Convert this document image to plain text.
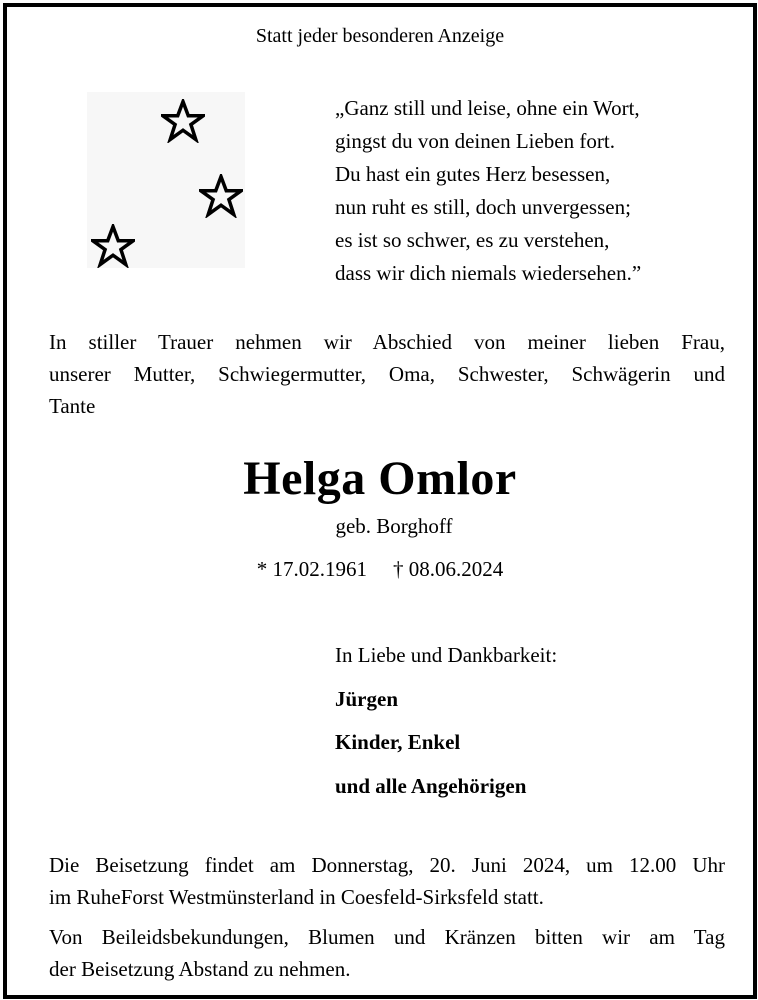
Statt jeder besonderen Anzeige
„Ganz still und leise, ohne ein Wort,
gingst du von deinen Lieben fort.
Du hast ein gutes Herz besessen,
nun ruht es still, doch unvergessen;
es ist so schwer, es zu verstehen,
dass wir dich niemals wiedersehen.”
In stiller Trauer nehmen wir Abschied von meiner lieben Frau,
unserer Mutter, Schwiegermutter, Oma, Schwester, Schwägerin und
Tante
Helga Omlor
geb. Borghoff
* 17.02.1961 † 08.06.2024
In Liebe und Dankbarkeit:
Jürgen
Kinder, Enkel
und alle Angehörigen
Die Beisetzung findet am Donnerstag, 20. Juni 2024, um 12.00 Uhr
im RuheForst Westmünsterland in Coesfeld-Sirksfeld statt.
Von Beileidsbekundungen, Blumen und Kränzen bitten wir am Tag
der Beisetzung Abstand zu nehmen.
